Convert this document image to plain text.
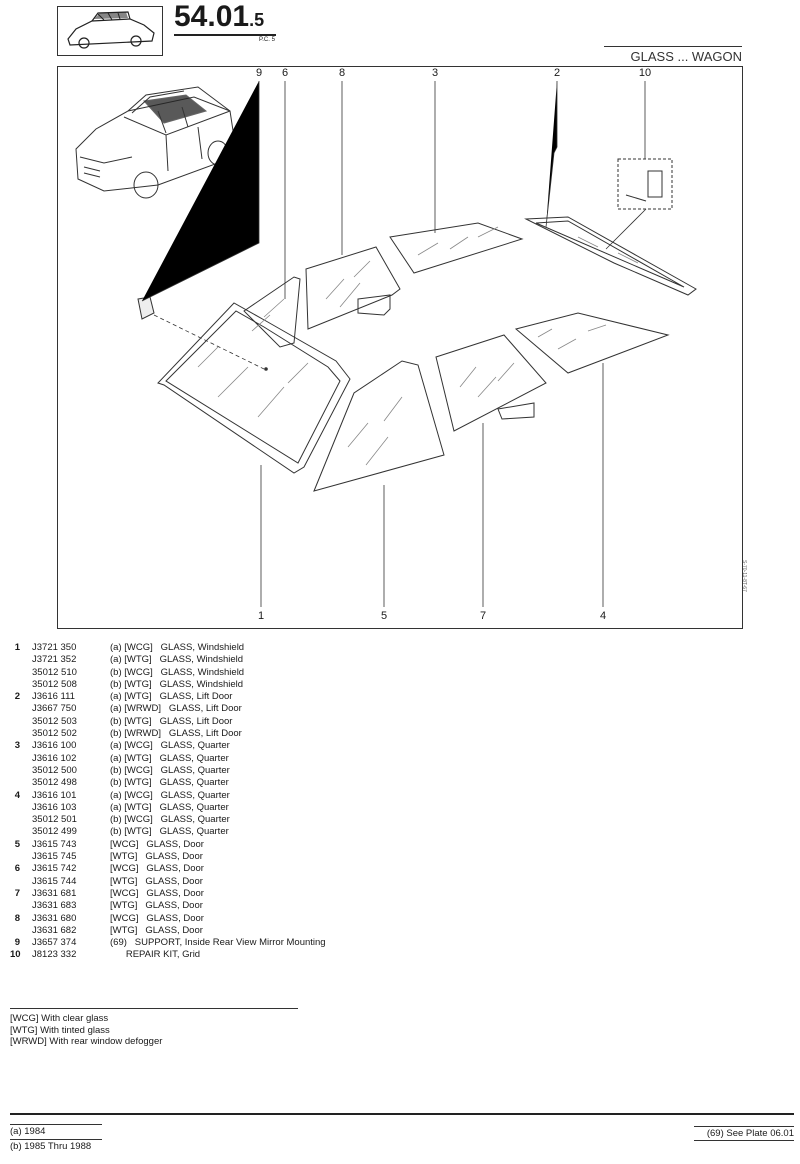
54.01.5
P.C. 5
GLASS ... WAGON
9	6	8	3	2	10
1	5	7	4
S-70-11-8T-67
1 J3721 350	(a) [WCG]   GLASS, Windshield
J3721 352	(a) [WTG]   GLASS, Windshield
35012 510	(b) [WCG]   GLASS, Windshield
35012 508	(b) [WTG]   GLASS, Windshield
2 J3616 111	(a) [WTG]   GLASS, Lift Door
J3667 750	(a) [WRWD]   GLASS, Lift Door
35012 503	(b) [WTG]   GLASS, Lift Door
35012 502	(b) [WRWD]   GLASS, Lift Door
3 J3616 100	(a) [WCG]   GLASS, Quarter
J3616 102	(a) [WTG]   GLASS, Quarter
35012 500	(b) [WCG]   GLASS, Quarter
35012 498	(b) [WTG]   GLASS, Quarter
4 J3616 101	(a) [WCG]   GLASS, Quarter
J3616 103	(a) [WTG]   GLASS, Quarter
35012 501	(b) [WCG]   GLASS, Quarter
35012 499	(b) [WTG]   GLASS, Quarter
5 J3615 743	[WCG]   GLASS, Door
J3615 745	[WTG]   GLASS, Door
6 J3615 742	[WCG]   GLASS, Door
J3615 744	[WTG]   GLASS, Door
7 J3631 681	[WCG]   GLASS, Door
J3631 683	[WTG]   GLASS, Door
8 J3631 680	[WCG]   GLASS, Door
J3631 682	[WTG]   GLASS, Door
9 J3657 374	(69)   SUPPORT, Inside Rear View Mirror Mounting
10 J8123 332	REPAIR KIT, Grid
[WCG] With clear glass
[WTG] With tinted glass
[WRWD] With rear window defogger
(a) 1984
(b) 1985 Thru 1988
(69) See Plate 06.01
